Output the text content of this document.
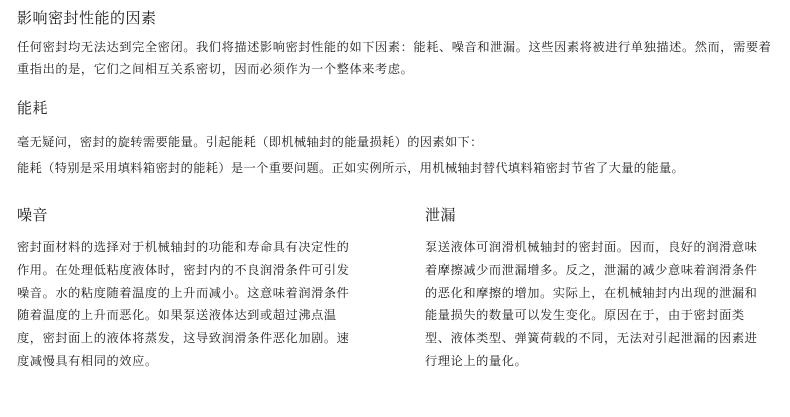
影响密封性能的因素

任何密封均无法达到完全密闭。我们将描述影响密封性能的如下因素：能耗、噪音和泄漏。这些因素将被进行单独描述。然而，需要着重指出的是，它们之间相互关系密切，因而必须作为一个整体来考虑。

能耗

毫无疑问，密封的旋转需要能量。引起能耗（即机械轴封的能量损耗）的因素如下：

能耗（特别是采用填料箱密封的能耗）是一个重要问题。正如实例所示，用机械轴封替代填料箱密封节省了大量的能量。

噪音

密封面材料的选择对于机械轴封的功能和寿命具有决定性的作用。在处理低粘度液体时，密封内的不良润滑条件可引发噪音。水的粘度随着温度的上升而减小。这意味着润滑条件随着温度的上升而恶化。如果泵送液体达到或超过沸点温度，密封面上的液体将蒸发，这导致润滑条件恶化加剧。速度减慢具有相同的效应。

泄漏

泵送液体可润滑机械轴封的密封面。因而，良好的润滑意味着摩擦减少而泄漏增多。反之，泄漏的减少意味着润滑条件的恶化和摩擦的增加。实际上，在机械轴封内出现的泄漏和能量损失的数量可以发生变化。原因在于，由于密封面类型、液体类型、弹簧荷载的不同，无法对引起泄漏的因素进行理论上的量化。
